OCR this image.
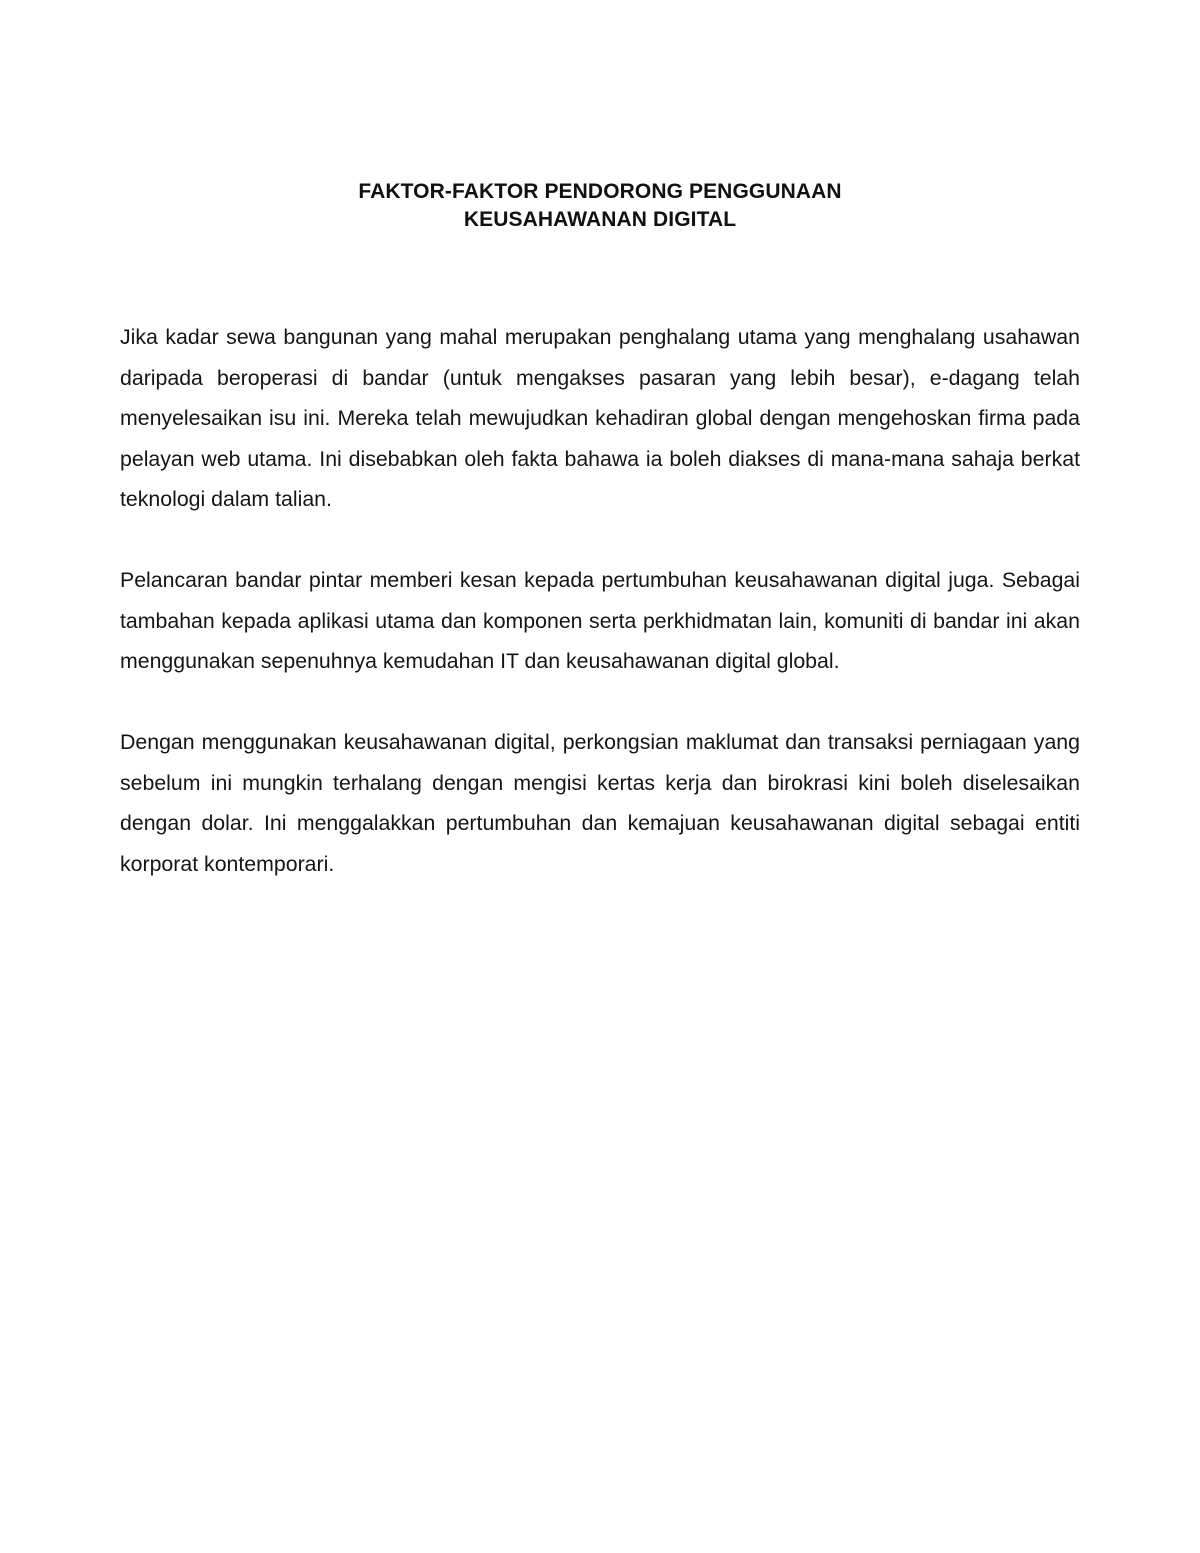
FAKTOR-FAKTOR PENDORONG PENGGUNAAN
KEUSAHAWANAN DIGITAL

Jika kadar sewa bangunan yang mahal merupakan penghalang utama yang menghalang usahawan daripada beroperasi di bandar (untuk mengakses pasaran yang lebih besar), e-dagang telah menyelesaikan isu ini. Mereka telah mewujudkan kehadiran global dengan mengehoskan firma pada pelayan web utama. Ini disebabkan oleh fakta bahawa ia boleh diakses di mana-mana sahaja berkat teknologi dalam talian.

Pelancaran bandar pintar memberi kesan kepada pertumbuhan keusahawanan digital juga. Sebagai tambahan kepada aplikasi utama dan komponen serta perkhidmatan lain, komuniti di bandar ini akan menggunakan sepenuhnya kemudahan IT dan keusahawanan digital global.

Dengan menggunakan keusahawanan digital, perkongsian maklumat dan transaksi perniagaan yang sebelum ini mungkin terhalang dengan mengisi kertas kerja dan birokrasi kini boleh diselesaikan dengan dolar. Ini menggalakkan pertumbuhan dan kemajuan keusahawanan digital sebagai entiti korporat kontemporari.
